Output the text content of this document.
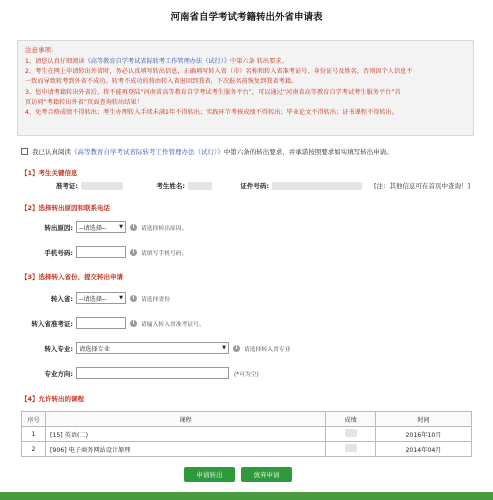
河南省自学考试考籍转出外省申请表
注意事项:
1、请您认真仔细阅读《高等教育自学考试省际转考工作管理办法（试行）》中第六条 转出要求。
2、考生在网上申请转出外省时，务必认真填写转出信息，正确填写转入省（市）名称和转入省准考证号、身份证号及姓名，否则因个人信息不
一致而导致转考到外省不成功。转考不成功的将由转入省退回到我省，下次报名前恢复到我省考籍。
3、您申请考籍转出外省后，将不能再登陆“河南省高等教育自学考试考生服务平台”，可以通过“河南省高等教育自学考试考生服务平台”首
页访问“考籍转出外省”页面查询转出结果！
4、免考合格成绩不得转出；考生办理转入手续未满1年不得转出；实践环节考核成绩不得转出；毕业论文不得转出；证书课程不得转出。
我已认真阅读 《高等教育自学考试省际转考工作管理办法（试行）》 中第六条的转出要求，并承诺按照要求如实填写转出申请。
【1】考生关键信息
准考证:	考生姓名:	证件号码:	[注：其他信息可在首页中查询！]
【2】选择转出原因和联系电话
转出原因: --请选择--	▼	i	请选择转出原因。
手机号码:	i	请填写手机号码。
【3】选择转入省份、提交转出申请
转入省: --请选择--	▼	i	请选择省份
转入省准考证:	i	请输入转入省准考证号。
转入专业: 请选择专业	▼	i	请选择转入省专业
专业方向:	(*可为空)
【4】允许转出的课程
序号	课程	成绩	时间
1	[15] 英语(二)		2016年10月
2	[906] 电子商务网站设计原理		2014年04月
申请转出	放弃申请
